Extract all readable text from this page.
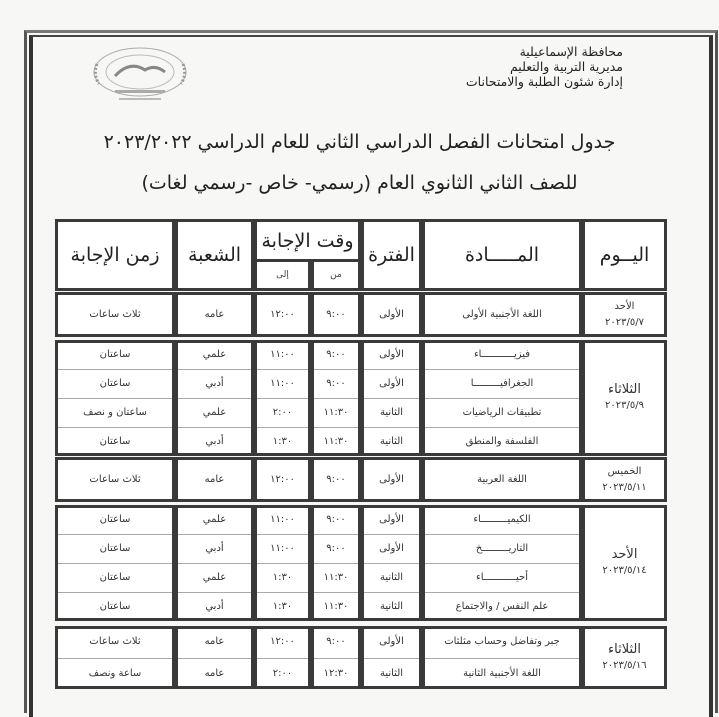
محافظة الإسماعيلية
مديرية التربية والتعليم
إدارة شئون الطلبة والامتحانات
جدول امتحانات الفصل الدراسي الثاني للعام الدراسي ٢٠٢٣/٢٠٢٢
للصف الثاني الثانوي العام (رسمي- خاص -رسمي لغات)
اليــوم
المـــــادة
الفترة
وقت الإجابة
من
إلى
الشعبة
زمن الإجابة
الأحد
٢٠٢٣/٥/٧
اللغة الأجنبية الأولى
الأولى
٩:٠٠
١٢:٠٠
عامه
ثلاث ساعات
الثلاثاء
٢٠٢٣/٥/٩
فيزيـــــــــــاء
الأولى
٩:٠٠
١١:٠٠
علمي
ساعتان
الجغرافيـــــــــا
الأولى
٩:٠٠
١١:٠٠
أدبي
ساعتان
تطبيقات الرياضيات
الثانية
١١:٣٠
٢:٠٠
علمي
ساعتان و نصف
الفلسفة والمنطق
الثانية
١١:٣٠
١:٣٠
أدبي
ساعتان
الخميس
٢٠٢٣/٥/١١
اللغة العربية
الأولى
٩:٠٠
١٢:٠٠
عامه
ثلاث ساعات
الأحد
٢٠٢٣/٥/١٤
الكيميـــــــــاء
الأولى
٩:٠٠
١١:٠٠
علمي
ساعتان
التاريـــــــــخ
الأولى
٩:٠٠
١١:٠٠
أدبي
ساعتان
أحيـــــــــــاء
الثانية
١١:٣٠
١:٣٠
علمي
ساعتان
علم النفس / والاجتماع
الثانية
١١:٣٠
١:٣٠
أدبي
ساعتان
الثلاثاء
٢٠٢٣/٥/١٦
جبر وتفاضل وحساب مثلثات
الأولى
٩:٠٠
١٢:٠٠
عامه
ثلاث ساعات
اللغة الأجنبية الثانية
الثانية
١٢:٣٠
٢:٠٠
عامه
ساعة ونصف
